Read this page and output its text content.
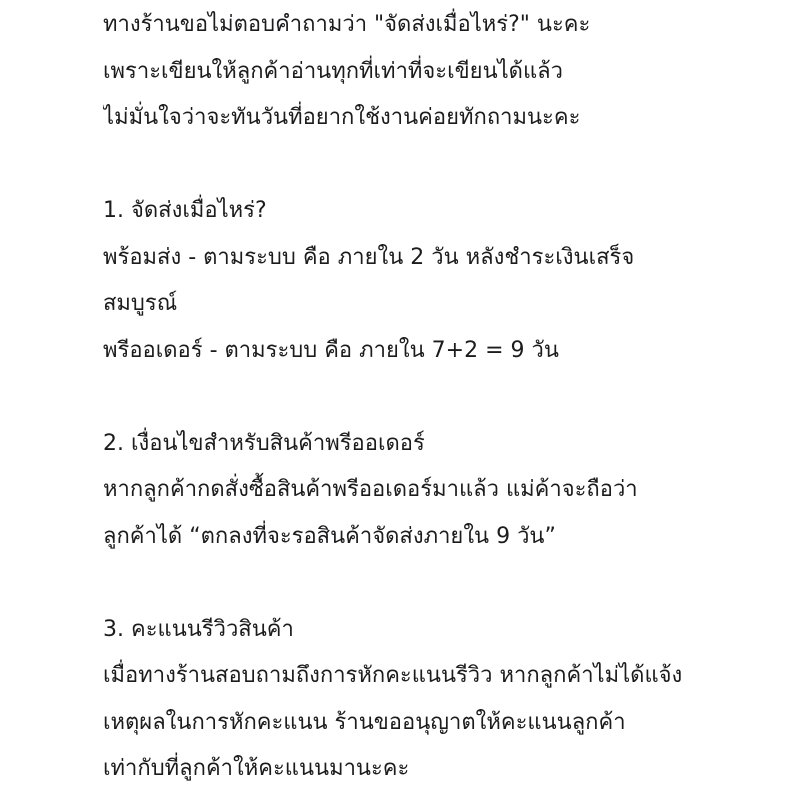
ทางร้านขอไม่ตอบคำถามว่า "จัดส่งเมื่อไหร่?" นะคะ
เพราะเขียนให้ลูกค้าอ่านทุกที่เท่าที่จะเขียนได้แล้ว
ไม่มั่นใจว่าจะทันวันที่อยากใช้งานค่อยทักถามนะคะ
1. จัดส่งเมื่อไหร่?
พร้อมส่ง - ตามระบบ คือ ภายใน 2 วัน หลังชำระเงินเสร็จ
สมบูรณ์
พรีออเดอร์ - ตามระบบ คือ ภายใน 7+2 = 9 วัน
2. เงื่อนไขสำหรับสินค้าพรีออเดอร์
หากลูกค้ากดสั่งซื้อสินค้าพรีออเดอร์มาแล้ว แม่ค้าจะถือว่า
ลูกค้าได้ “ตกลงที่จะรอสินค้าจัดส่งภายใน 9 วัน”
3. คะแนนรีวิวสินค้า
เมื่อทางร้านสอบถามถึงการหักคะแนนรีวิว หากลูกค้าไม่ได้แจ้ง
เหตุผลในการหักคะแนน ร้านขออนุญาตให้คะแนนลูกค้า
เท่ากับที่ลูกค้าให้คะแนนมานะคะ
